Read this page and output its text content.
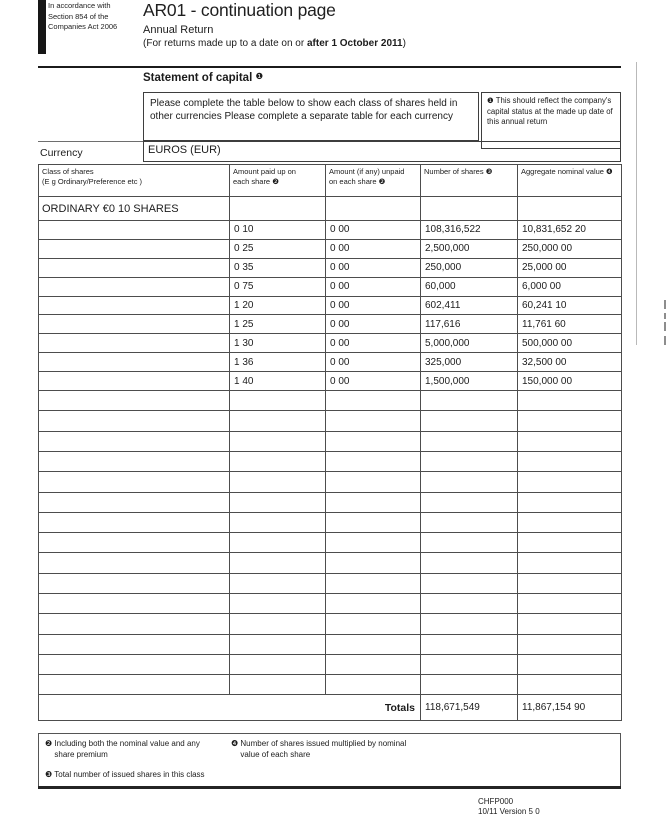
In accordance with
Section 854 of the
Companies Act 2006
AR01 - continuation page
Annual Return
(For returns made up to a date on or after 1 October 2011)
Statement of capital ❶
Please complete the table below to show each class of shares held in other currencies Please complete a separate table for each currency
❶ This should reflect the company's capital status at the made up date of this annual return
Currency	EUROS (EUR)
Class of shares
(E g Ordinary/Preference etc )

Amount paid up on
each share ❷

Amount (if any) unpaid
on each share ❷

Number of shares ❸	Aggregate nominal value ❹

ORDINARY €0 10 SHARES				
	0 10	0 00	108,316,522	10,831,652 20
	0 25	0 00	2,500,000	250,000 00
	0 35	0 00	250,000	25,000 00
	0 75	0 00	60,000	6,000 00
	1 20	0 00	602,411	60,241 10
	1 25	0 00	117,616	11,761 60
	1 30	0 00	5,000,000	500,000 00
	1 36	0 00	325,000	32,500 00
	1 40	0 00	1,500,000	150,000 00

Totals			118,671,549	11,867,154 90
❷ Including both the nominal value and any share premium
❸ Total number of issued shares in this class
❹ Number of shares issued multiplied by nominal value of each share
CHFP000
10/11 Version 5 0
